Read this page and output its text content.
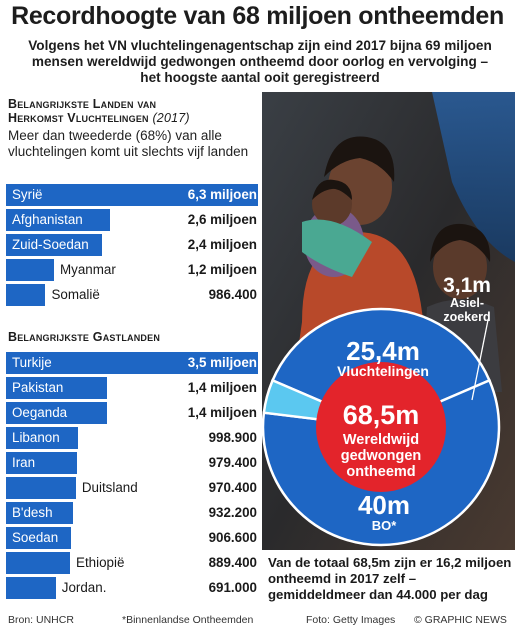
Recordhoogte van 68 miljoen ontheemden
Volgens het VN vluchtelingenagentschap zijn eind 2017 bijna 69 miljoen mensen wereldwijd gedwongen ontheemd door oorlog en vervolging – het hoogste aantal ooit geregistreerd
Belangrijkste Landen van
Herkomst Vluchtelingen (2017)
Meer dan tweederde (68%) van alle vluchtelingen komt uit slechts vijf landen
Syrië	6,3 miljoen
Afghanistan	2,6 miljoen
Zuid-Soedan	2,4 miljoen
Myanmar	1,2 miljoen
Somalië	986.400
Belangrijkste Gastlanden
Turkije	3,5 miljoen
Pakistan	1,4 miljoen
Oeganda	1,4 miljoen
Libanon	998.900
Iran	979.400
Duitsland	970.400
B'desh	932.200
Soedan	906.600
Ethiopië	889.400
Jordan.	691.000
68,5m
Wereldwijd
gedwongen
ontheemd
25,4m
Vluchtelingen
40m
BO*
3,1m
Asiel-
zoekerd
Van de totaal 68,5m zijn er 16,2 miljoen ontheemd in 2017 zelf – gemiddeldmeer dan 44.000 per dag
Bron: UNHCR	*Binnenlandse Ontheemden	Foto: Getty Images © GRAPHIC NEWS
